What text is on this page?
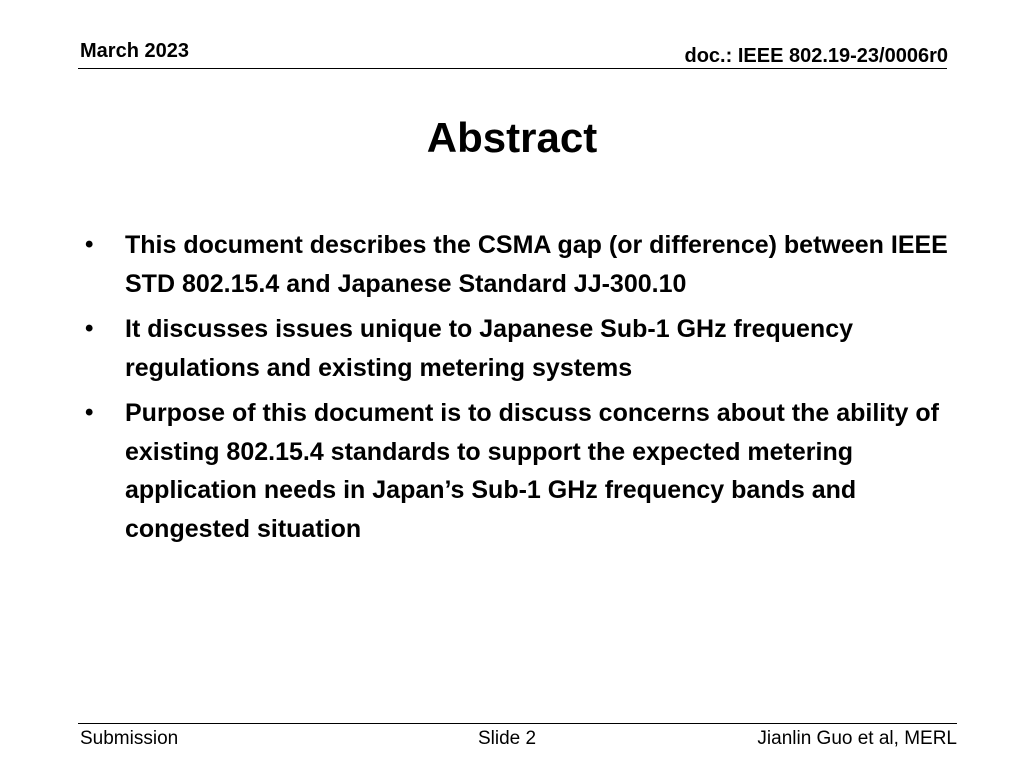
March 2023	doc.: IEEE 802.19-23/0006r0
Abstract
• This document describes the CSMA gap (or difference) between IEEE STD 802.15.4 and Japanese Standard JJ-300.10
• It discusses issues unique to Japanese Sub-1 GHz frequency regulations and existing metering systems
• Purpose of this document is to discuss concerns about the ability of existing 802.15.4 standards to support the expected metering application needs in Japan’s Sub-1 GHz frequency bands and congested situation
Submission	Slide 2	Jianlin Guo et al, MERL
